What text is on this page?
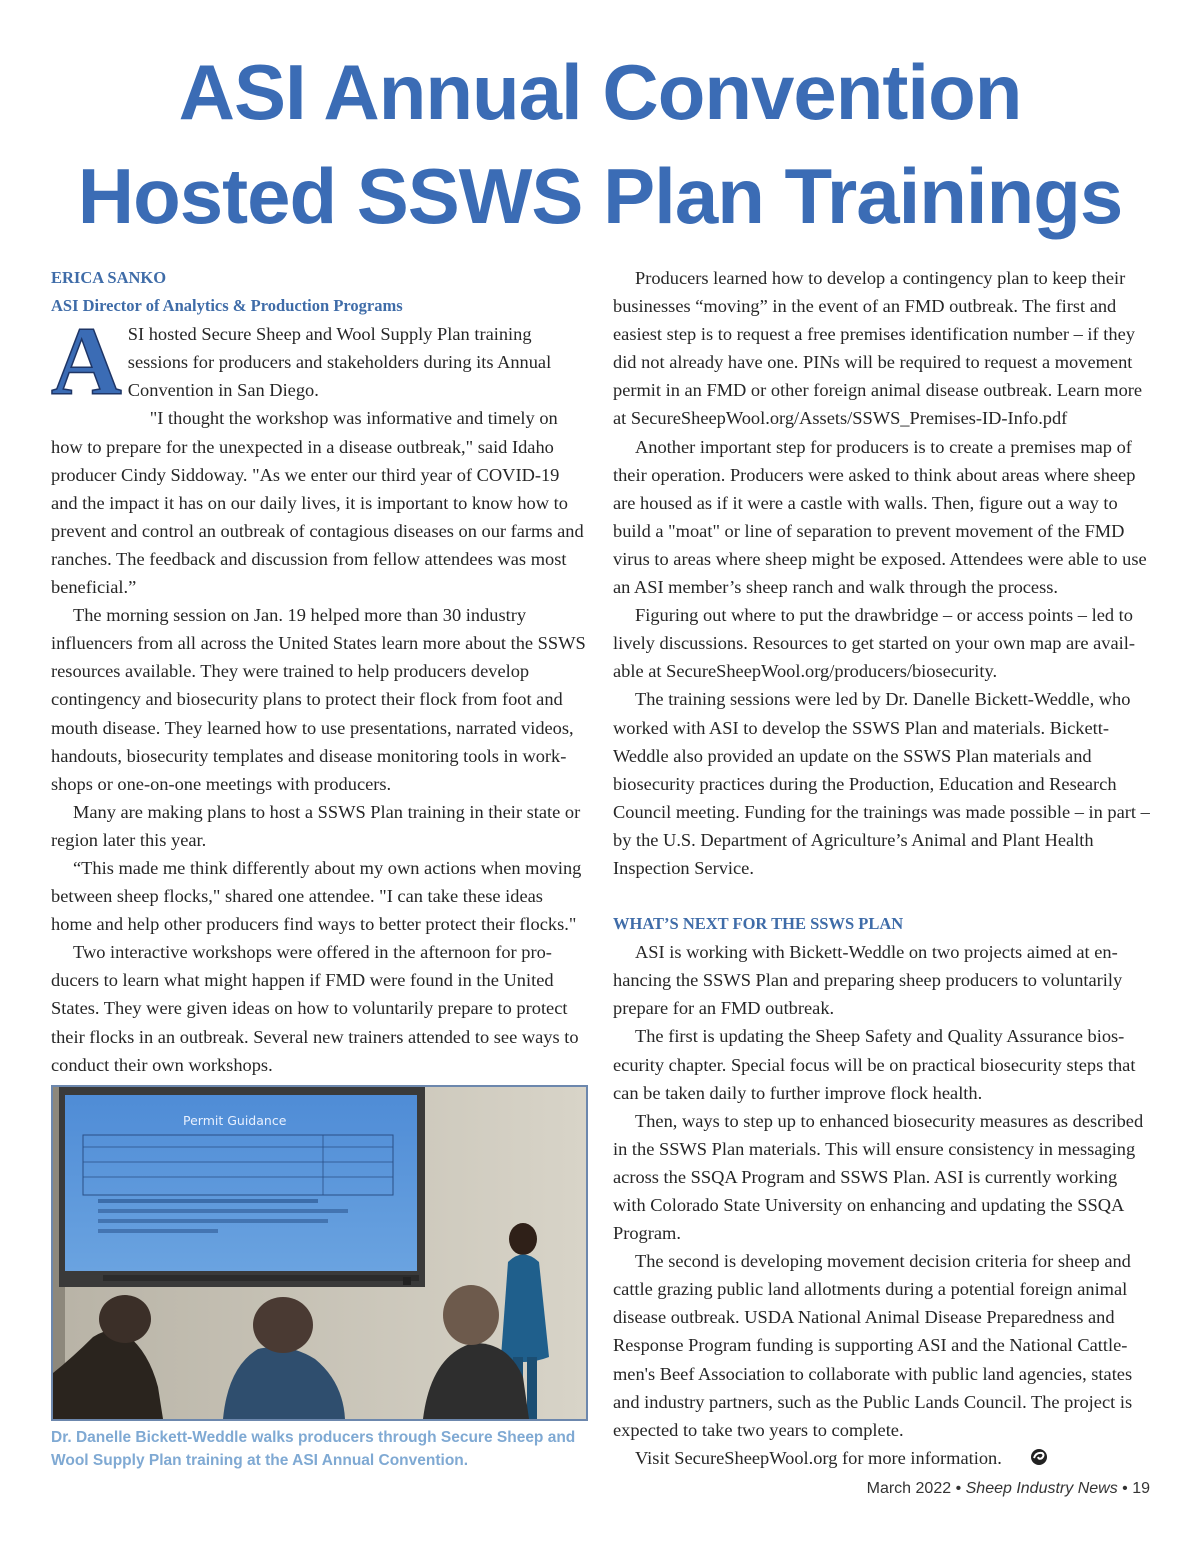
ASI Annual Convention
Hosted SSWS Plan Trainings
ERICA SANKO
ASI Director of Analytics & Production Programs

ASI hosted Secure Sheep and Wool Supply Plan training sessions for producers and stakeholders during its Annual Convention in San Diego.

"I thought the workshop was informative and timely on how to prepare for the unexpected in a disease outbreak," said Idaho producer Cindy Siddoway. "As we enter our third year of COVID-19 and the impact it has on our daily lives, it is important to know how to prevent and control an outbreak of contagious diseases on our farms and ranches. The feedback and discussion from fellow attendees was most beneficial.”

The morning session on Jan. 19 helped more than 30 industry influencers from all across the United States learn more about the SSWS resources available. They were trained to help producers develop contingency and biosecurity plans to protect their flock from foot and mouth disease. They learned how to use presentations, narrated videos, handouts, biosecurity templates and disease monitoring tools in workshops or one-on-one meetings with producers.

Many are making plans to host a SSWS Plan training in their state or region later this year.

“This made me think differently about my own actions when moving between sheep flocks," shared one attendee. "I can take these ideas home and help other producers find ways to better protect their flocks."

Two interactive workshops were offered in the afternoon for producers to learn what might happen if FMD were found in the United States. They were given ideas on how to voluntarily prepare to protect their flocks in an outbreak. Several new trainers attended to see ways to conduct their own workshops.

Permit Guidance
Dr. Danelle Bickett-Weddle walks producers through Secure Sheep and Wool Supply Plan training at the ASI Annual Convention.

Producers learned how to develop a contingency plan to keep their businesses “moving” in the event of an FMD outbreak. The first and easiest step is to request a free premises identification number – if they did not already have one. PINs will be required to request a movement permit in an FMD or other foreign animal disease outbreak. Learn more at SecureSheepWool.org/Assets/SSWS_Premises-ID-Info.pdf

Another important step for producers is to create a premises map of their operation. Producers were asked to think about areas where sheep are housed as if it were a castle with walls. Then, figure out a way to build a "moat" or line of separation to prevent movement of the FMD virus to areas where sheep might be exposed. Attendees were able to use an ASI member’s sheep ranch and walk through the process.

Figuring out where to put the drawbridge – or access points – led to lively discussions. Resources to get started on your own map are available at SecureSheepWool.org/producers/biosecurity.

The training sessions were led by Dr. Danelle Bickett-Weddle, who worked with ASI to develop the SSWS Plan and materials. Bickett-Weddle also provided an update on the SSWS Plan materials and biosecurity practices during the Production, Education and Research Council meeting. Funding for the trainings was made possible – in part – by the U.S. Department of Agriculture’s Animal and Plant Health Inspection Service.

WHAT’S NEXT FOR THE SSWS PLAN

ASI is working with Bickett-Weddle on two projects aimed at enhancing the SSWS Plan and preparing sheep producers to voluntarily prepare for an FMD outbreak.

The first is updating the Sheep Safety and Quality Assurance biosecurity chapter. Special focus will be on practical biosecurity steps that can be taken daily to further improve flock health.

Then, ways to step up to enhanced biosecurity measures as described in the SSWS Plan materials. This will ensure consistency in messaging across the SSQA Program and SSWS Plan. ASI is currently working with Colorado State University on enhancing and updating the SSQA Program.

The second is developing movement decision criteria for sheep and cattle grazing public land allotments during a potential foreign animal disease outbreak. USDA National Animal Disease Preparedness and Response Program funding is supporting ASI and the National Cattlemen's Beef Association to collaborate with public land agencies, states and industry partners, such as the Public Lands Council. The project is expected to take two years to complete.

Visit SecureSheepWool.org for more information.

March 2022 • Sheep Industry News • 19
